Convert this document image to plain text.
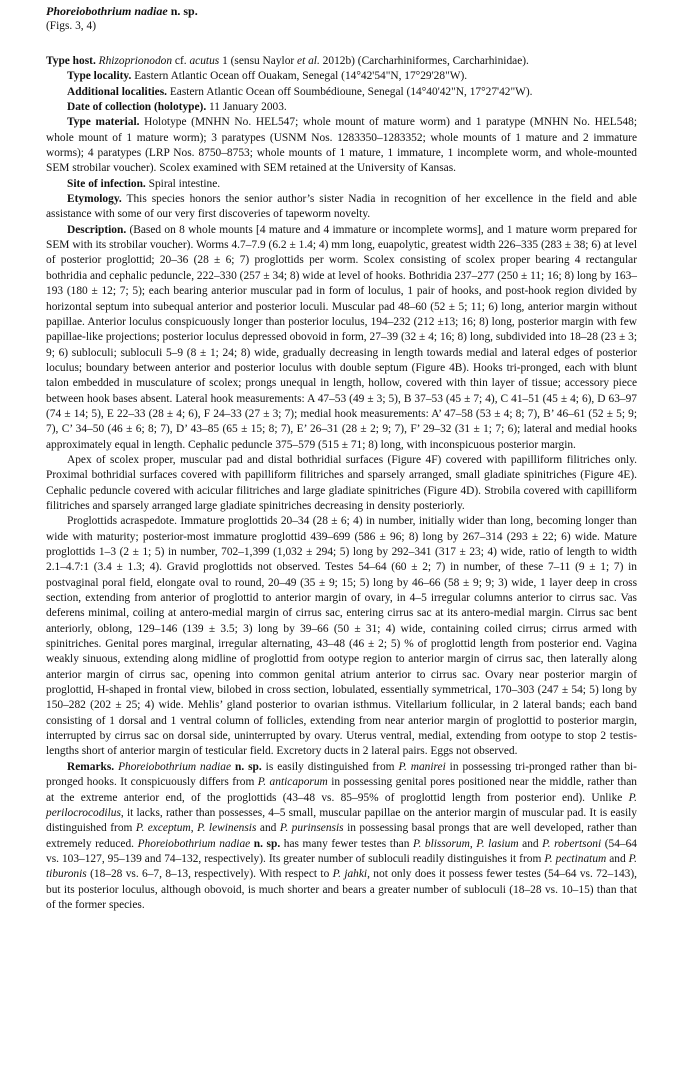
Phoreiobothrium nadiae n. sp.

(Figs. 3, 4)

Type host. Rhizoprionodon cf. acutus 1 (sensu Naylor et al. 2012b) (Carcharhiniformes, Carcharhinidae).

Type locality. Eastern Atlantic Ocean off Ouakam, Senegal (14°42'54"N, 17°29'28"W).

Additional localities. Eastern Atlantic Ocean off Soumbédioune, Senegal (14°40'42"N, 17°27'42"W).

Date of collection (holotype). 11 January 2003.

Type material. Holotype (MNHN No. HEL547; whole mount of mature worm) and 1 paratype (MNHN No. HEL548; whole mount of 1 mature worm); 3 paratypes (USNM Nos. 1283350–1283352; whole mounts of 1 mature and 2 immature worms); 4 paratypes (LRP Nos. 8750–8753; whole mounts of 1 mature, 1 immature, 1 incomplete worm, and whole-mounted SEM strobilar voucher). Scolex examined with SEM retained at the University of Kansas.

Site of infection. Spiral intestine.

Etymology. This species honors the senior author’s sister Nadia in recognition of her excellence in the field and able assistance with some of our very first discoveries of tapeworm novelty.

Description. (Based on 8 whole mounts [4 mature and 4 immature or incomplete worms], and 1 mature worm prepared for SEM with its strobilar voucher). Worms 4.7–7.9 (6.2 ± 1.4; 4) mm long, euapolytic, greatest width 226–335 (283 ± 38; 6) at level of posterior proglottid; 20–36 (28 ± 6; 7) proglottids per worm. Scolex consisting of scolex proper bearing 4 rectangular bothridia and cephalic peduncle, 222–330 (257 ± 34; 8) wide at level of hooks. Bothridia 237–277 (250 ± 11; 16; 8) long by 163–193 (180 ± 12; 7; 5); each bearing anterior muscular pad in form of loculus, 1 pair of hooks, and post-hook region divided by horizontal septum into subequal anterior and posterior loculi. Muscular pad 48–60 (52 ± 5; 11; 6) long, anterior margin without papillae. Anterior loculus conspicuously longer than posterior loculus, 194–232 (212 ±13; 16; 8) long, posterior margin with few papillae-like projections; posterior loculus depressed obovoid in form, 27–39 (32 ± 4; 16; 8) long, subdivided into 18–28 (23 ± 3; 9; 6) subloculi; subloculi 5–9 (8 ± 1; 24; 8) wide, gradually decreasing in length towards medial and lateral edges of posterior loculus; boundary between anterior and posterior loculus with double septum (Figure 4B). Hooks tri-pronged, each with blunt talon embedded in musculature of scolex; prongs unequal in length, hollow, covered with thin layer of tissue; accessory piece between hook bases absent. Lateral hook measurements: A 47–53 (49 ± 3; 5), B 37–53 (45 ± 7; 4), C 41–51 (45 ± 4; 6), D 63–97 (74 ± 14; 5), E 22–33 (28 ± 4; 6), F 24–33 (27 ± 3; 7); medial hook measurements: A’ 47–58 (53 ± 4; 8; 7), B’ 46–61 (52 ± 5; 9; 7), C’ 34–50 (46 ± 6; 8; 7), D’ 43–85 (65 ± 15; 8; 7), E’ 26–31 (28 ± 2; 9; 7), F’ 29–32 (31 ± 1; 7; 6); lateral and medial hooks approximately equal in length. Cephalic peduncle 375–579 (515 ± 71; 8) long, with inconspicuous posterior margin.

Apex of scolex proper, muscular pad and distal bothridial surfaces (Figure 4F) covered with papilliform filitriches only. Proximal bothridial surfaces covered with papilliform filitriches and sparsely arranged, small gladiate spinitriches (Figure 4E). Cephalic peduncle covered with acicular filitriches and large gladiate spinitriches (Figure 4D). Strobila covered with capilliform filitriches and sparsely arranged large gladiate spinitriches decreasing in density posteriorly.

Proglottids acraspedote. Immature proglottids 20–34 (28 ± 6; 4) in number, initially wider than long, becoming longer than wide with maturity; posterior-most immature proglottid 439–699 (586 ± 96; 8) long by 267–314 (293 ± 22; 6) wide. Mature proglottids 1–3 (2 ± 1; 5) in number, 702–1,399 (1,032 ± 294; 5) long by 292–341 (317 ± 23; 4) wide, ratio of length to width 2.1–4.7:1 (3.4 ± 1.3; 4). Gravid proglottids not observed. Testes 54–64 (60 ± 2; 7) in number, of these 7–11 (9 ± 1; 7) in postvaginal poral field, elongate oval to round, 20–49 (35 ± 9; 15; 5) long by 46–66 (58 ± 9; 9; 3) wide, 1 layer deep in cross section, extending from anterior of proglottid to anterior margin of ovary, in 4–5 irregular columns anterior to cirrus sac. Vas deferens minimal, coiling at antero-medial margin of cirrus sac, entering cirrus sac at its antero-medial margin. Cirrus sac bent anteriorly, oblong, 129–146 (139 ± 3.5; 3) long by 39–66 (50 ± 31; 4) wide, containing coiled cirrus; cirrus armed with spinitriches. Genital pores marginal, irregular alternating, 43–48 (46 ± 2; 5) % of proglottid length from posterior end. Vagina weakly sinuous, extending along midline of proglottid from ootype region to anterior margin of cirrus sac, then laterally along anterior margin of cirrus sac, opening into common genital atrium anterior to cirrus sac. Ovary near posterior margin of proglottid, H-shaped in frontal view, bilobed in cross section, lobulated, essentially symmetrical, 170–303 (247 ± 54; 5) long by 150–282 (202 ± 25; 4) wide. Mehlis’ gland posterior to ovarian isthmus. Vitellarium follicular, in 2 lateral bands; each band consisting of 1 dorsal and 1 ventral column of follicles, extending from near anterior margin of proglottid to posterior margin, interrupted by cirrus sac on dorsal side, uninterrupted by ovary. Uterus ventral, medial, extending from ootype to stop 2 testis-lengths short of anterior margin of testicular field. Excretory ducts in 2 lateral pairs. Eggs not observed.

Remarks. Phoreiobothrium nadiae n. sp. is easily distinguished from P. manirei in possessing tri-pronged rather than bi-pronged hooks. It conspicuously differs from P. anticaporum in possessing genital pores positioned near the middle, rather than at the extreme anterior end, of the proglottids (43–48 vs. 85–95% of proglottid length from posterior end). Unlike P. perilocrocodilus, it lacks, rather than possesses, 4–5 small, muscular papillae on the anterior margin of muscular pad. It is easily distinguished from P. exceptum, P. lewinensis and P. purinsensis in possessing basal prongs that are well developed, rather than extremely reduced. Phoreiobothrium nadiae n. sp. has many fewer testes than P. blissorum, P. lasium and P. robertsoni (54–64 vs. 103–127, 95–139 and 74–132, respectively). Its greater number of subloculi readily distinguishes it from P. pectinatum and P. tiburonis (18–28 vs. 6–7, 8–13, respectively). With respect to P. jahki, not only does it possess fewer testes (54–64 vs. 72–143), but its posterior loculus, although obovoid, is much shorter and bears a greater number of subloculi (18–28 vs. 10–15) than that of the former species.
